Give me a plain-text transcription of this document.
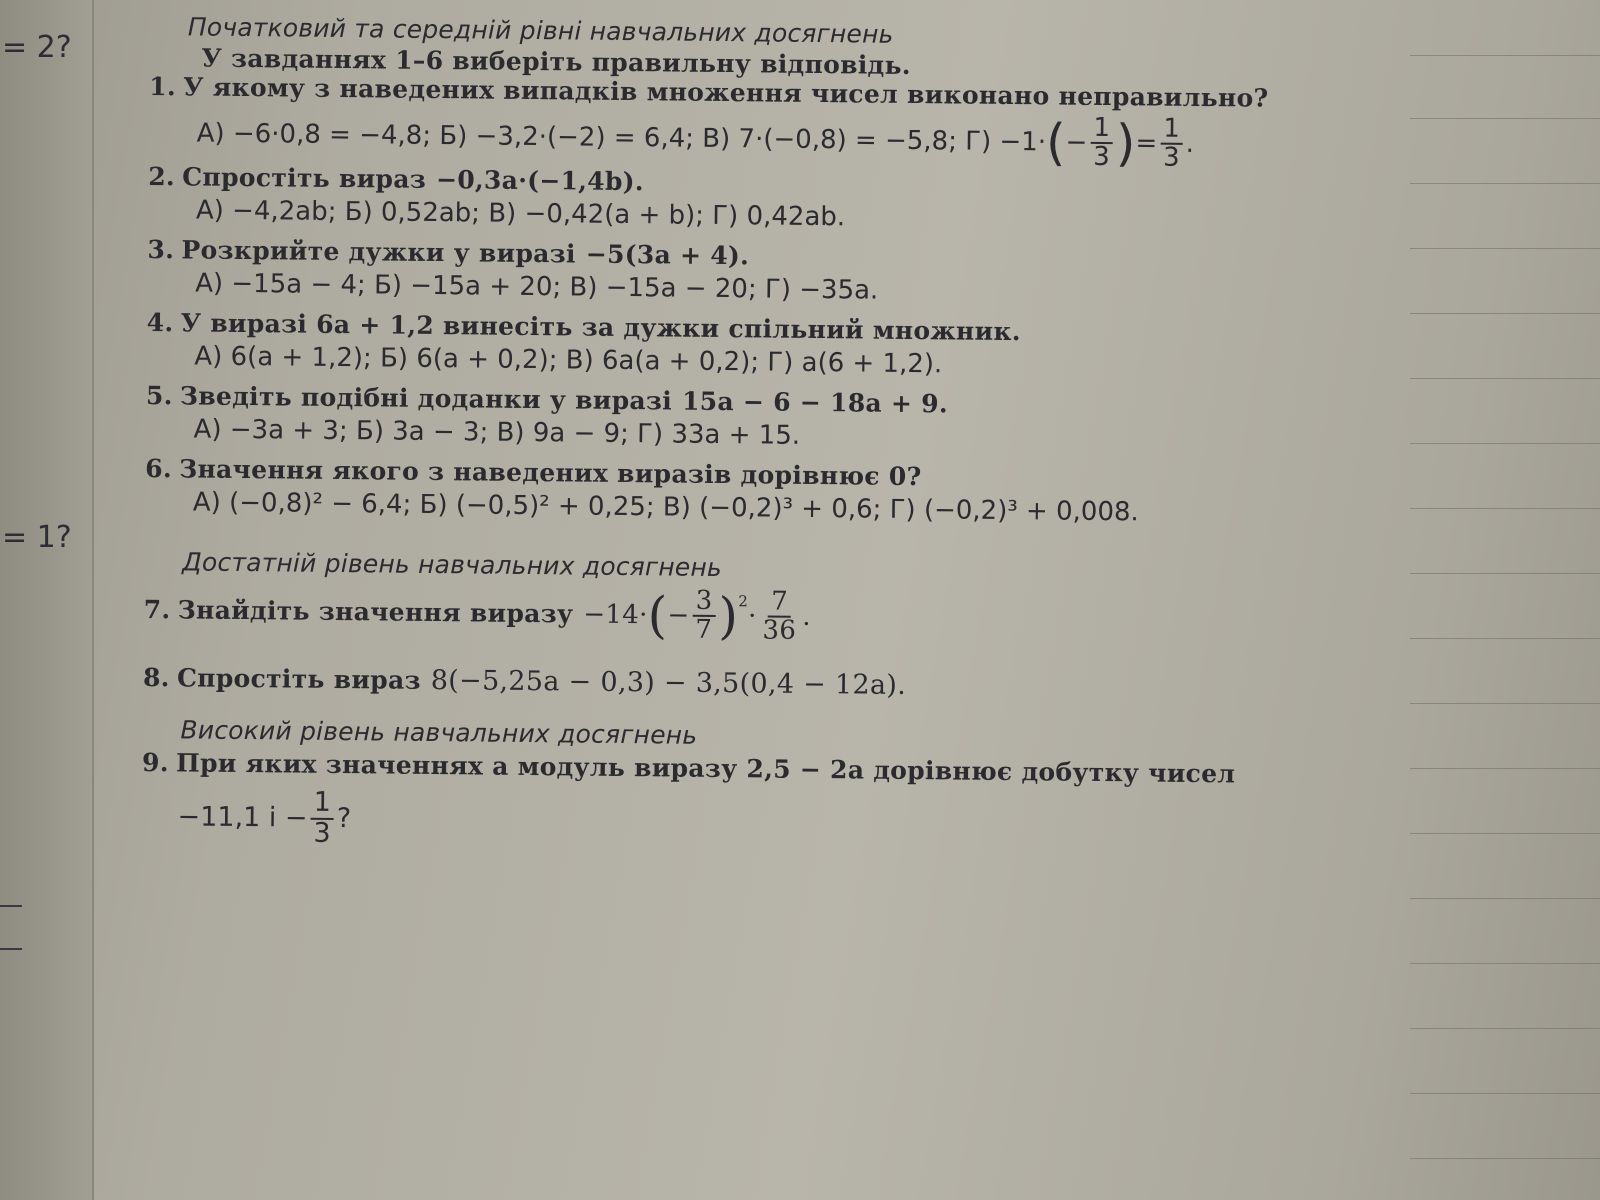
= 2?
= 1?
Початковий та середній рівні навчальних досягнень
У завданнях 1–6 виберіть правильну відповідь.
1. У якому з наведених випадків множення чисел виконано неправильно?
А) −6·0,8 = −4,8; Б) −3,2·(−2) = 6,4; В) 7·(−0,8) = −5,8; Г) −1· ( − $\frac{1}{3}$ ) = $\frac{1}{3}$ .
2. Спростіть вираз −0,3a·(−1,4b).
А) −4,2ab; Б) 0,52ab; В) −0,42(a + b); Г) 0,42ab.
3. Розкрийте дужки у виразі −5(3a + 4).
А) −15a − 4; Б) −15a + 20; В) −15a − 20; Г) −35a.
4. У виразі 6a + 1,2 винесіть за дужки спільний множник.
А) 6(a + 1,2); Б) 6(a + 0,2); В) 6a(a + 0,2); Г) a(6 + 1,2).
5. Зведіть подібні доданки у виразі 15a − 6 − 18a + 9.
А) −3a + 3; Б) 3a − 3; В) 9a − 9; Г) 33a + 15.
6. Значення якого з наведених виразів дорівнює 0?
А) (−0,8)² − 6,4; Б) (−0,5)² + 0,25; В) (−0,2)³ + 0,6; Г) (−0,2)³ + 0,008.
Достатній рівень навчальних досягнень
7. Знайдіть значення виразу −14· ( − $\frac{3}{7} )^2$
· $\frac{7}{36}$ .
8. Спростіть вираз 8(−5,25a − 0,3) − 3,5(0,4 − 12a).
Високий рівень навчальних досягнень
9. При яких значеннях a модуль виразу 2,5 − 2a дорівнює добутку чисел
−11,1 $і - \frac{1}{3}$ ?
